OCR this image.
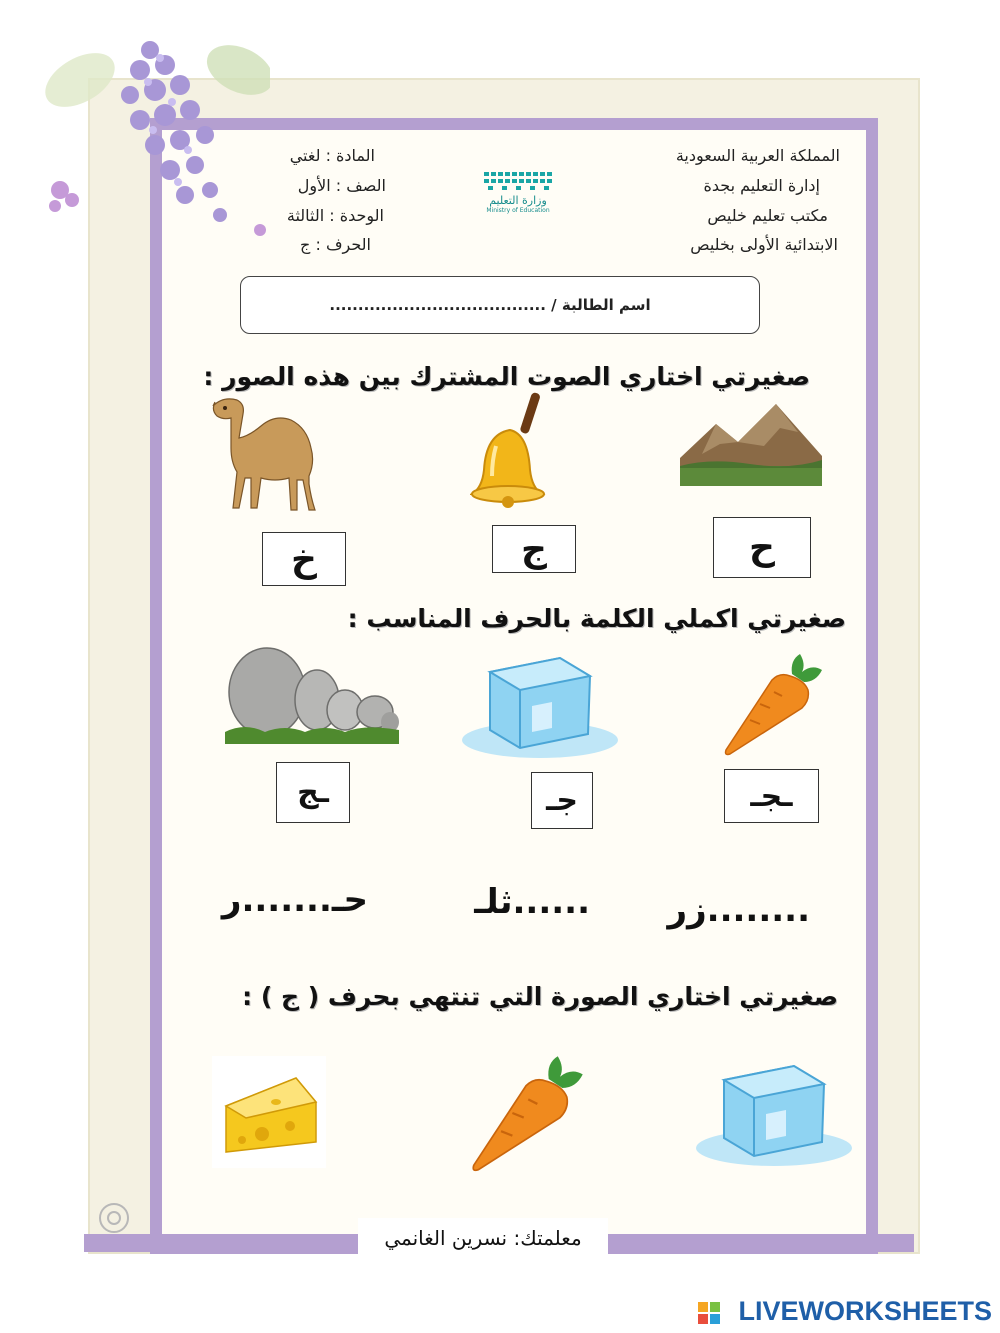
المملكة العربية السعودية
إدارة التعليم بجدة
مكتب تعليم خليص
الابتدائية الأولى بخليص
المادة : لغتي
الصف : الأول
الوحدة : الثالثة
الحرف : ج
وزارة التعليم
Ministry of Education
اسم الطالبة / ......................................
صغيرتي اختاري الصوت المشترك بين هذه الصور :
خ	ج	ح
صغيرتي اكملي الكلمة بالحرف المناسب :
ـج	جـ	ـجـ
........زر
......ثلـ
حـ.......ر
صغيرتي اختاري الصورة التي تنتهي بحرف ( ج ) :
معلمتك: نسرين الغانمي
LIVEWORKSHEETS
